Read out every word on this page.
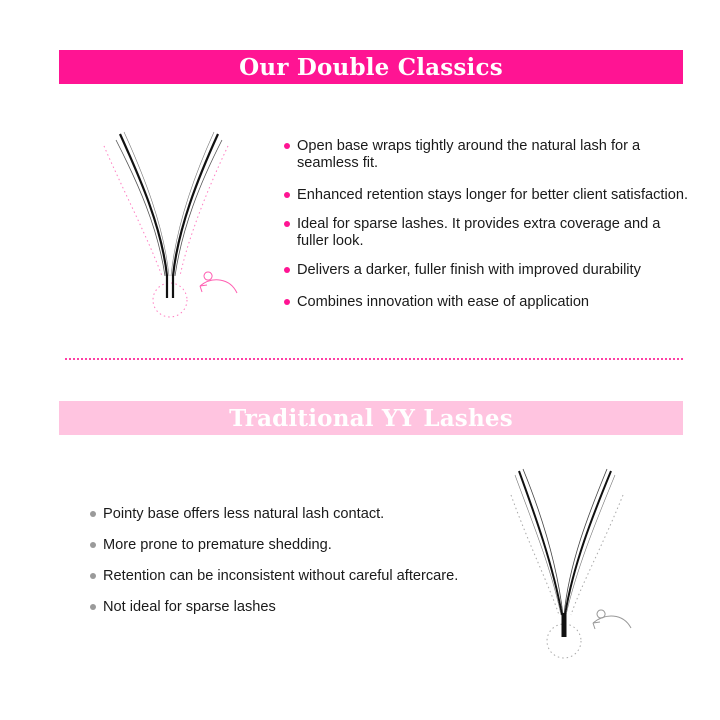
Our Double Classics
Open base wraps tightly around the natural lash for a seamless fit.
Enhanced retention stays longer for better client satisfaction.
Ideal for sparse lashes. It provides extra coverage and a fuller look.
Delivers a darker, fuller finish with improved durability
Combines innovation with ease of application
Traditional YY Lashes
Pointy base offers less natural lash contact.
More prone to premature shedding.
Retention can be inconsistent without careful aftercare.
Not ideal for sparse lashes
